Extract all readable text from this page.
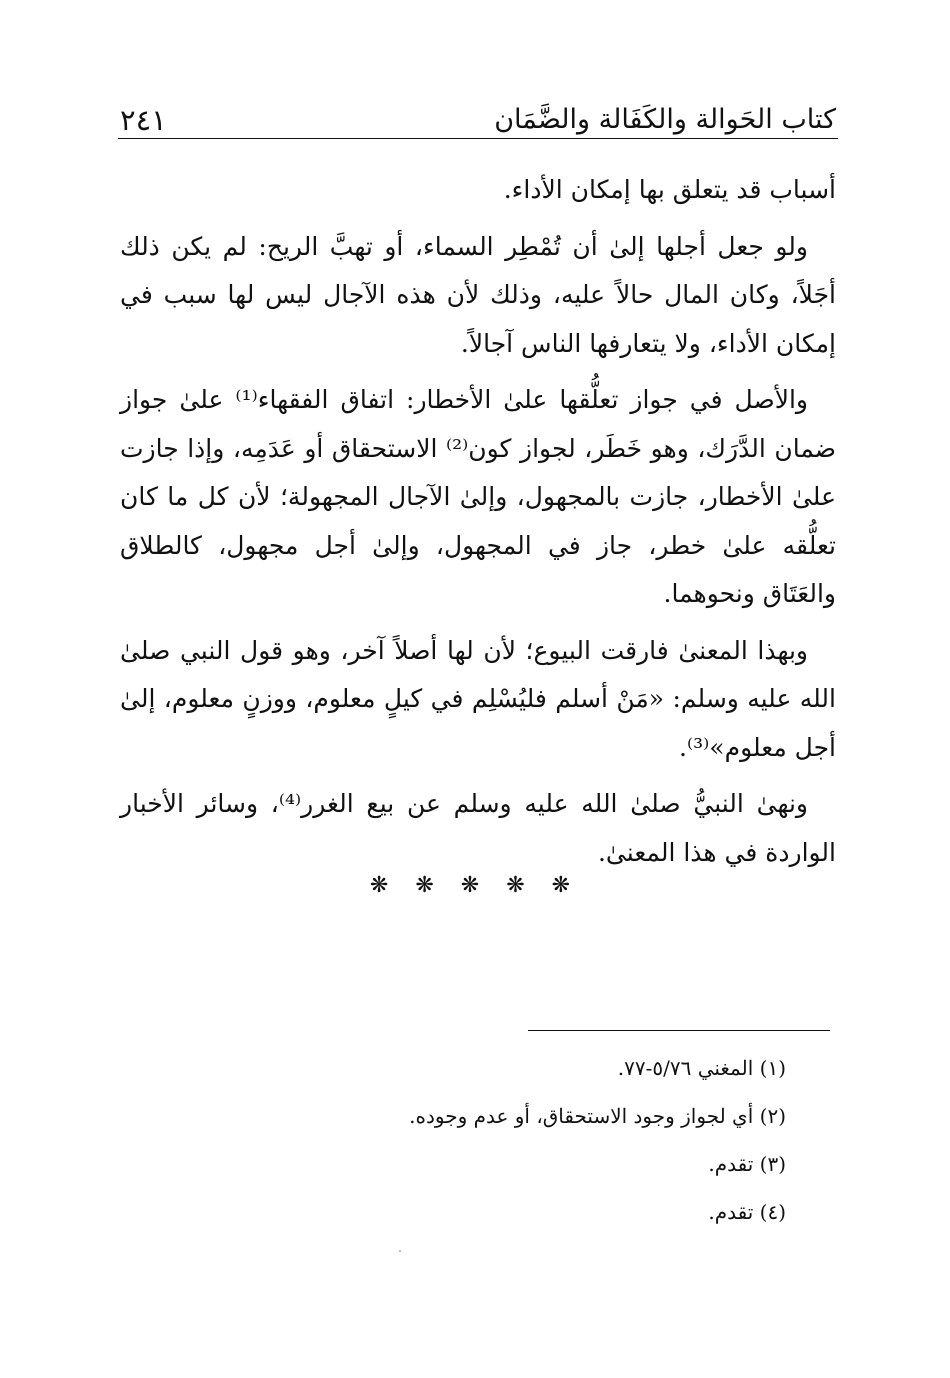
٢٤١	كتاب الحَوالة والكَفَالة والضَّمَان

أسباب قد يتعلق بها إمكان الأداء.

ولو جعل أجلها إلىٰ أن تُمْطِر السماء، أو تهبَّ الريح: لم يكن ذلك أجَلاً، وكان المال حالاً عليه، وذلك لأن هذه الآجال ليس لها سبب في إمكان الأداء، ولا يتعارفها الناس آجالاً.

والأصل في جواز تعلُّقها علىٰ الأخطار: اتفاق الفقهاء⁽¹⁾ علىٰ جواز ضمان الدَّرَك، وهو خَطَر، لجواز كون⁽²⁾ الاستحقاق أو عَدَمِه، وإذا جازت علىٰ الأخطار، جازت بالمجهول، وإلىٰ الآجال المجهولة؛ لأن كل ما كان تعلُّقه علىٰ خطر، جاز في المجهول، وإلىٰ أجل مجهول، كالطلاق والعَتَاق ونحوهما.

وبهذا المعنىٰ فارقت البيوع؛ لأن لها أصلاً آخر، وهو قول النبي صلىٰ الله عليه وسلم: «مَنْ أسلم فليُسْلِم في كيلٍ معلوم، ووزنٍ معلوم، إلىٰ أجل معلوم»⁽³⁾.

ونهىٰ النبيُّ صلىٰ الله عليه وسلم عن بيع الغرر⁽⁴⁾، وسائر الأخبار الواردة في هذا المعنىٰ.

❋ ❋ ❋ ❋ ❋

(١) المغني ٥/٧٦-٧٧.

(٢) أي لجواز وجود الاستحقاق، أو عدم وجوده.

(٣) تقدم.

(٤) تقدم.
